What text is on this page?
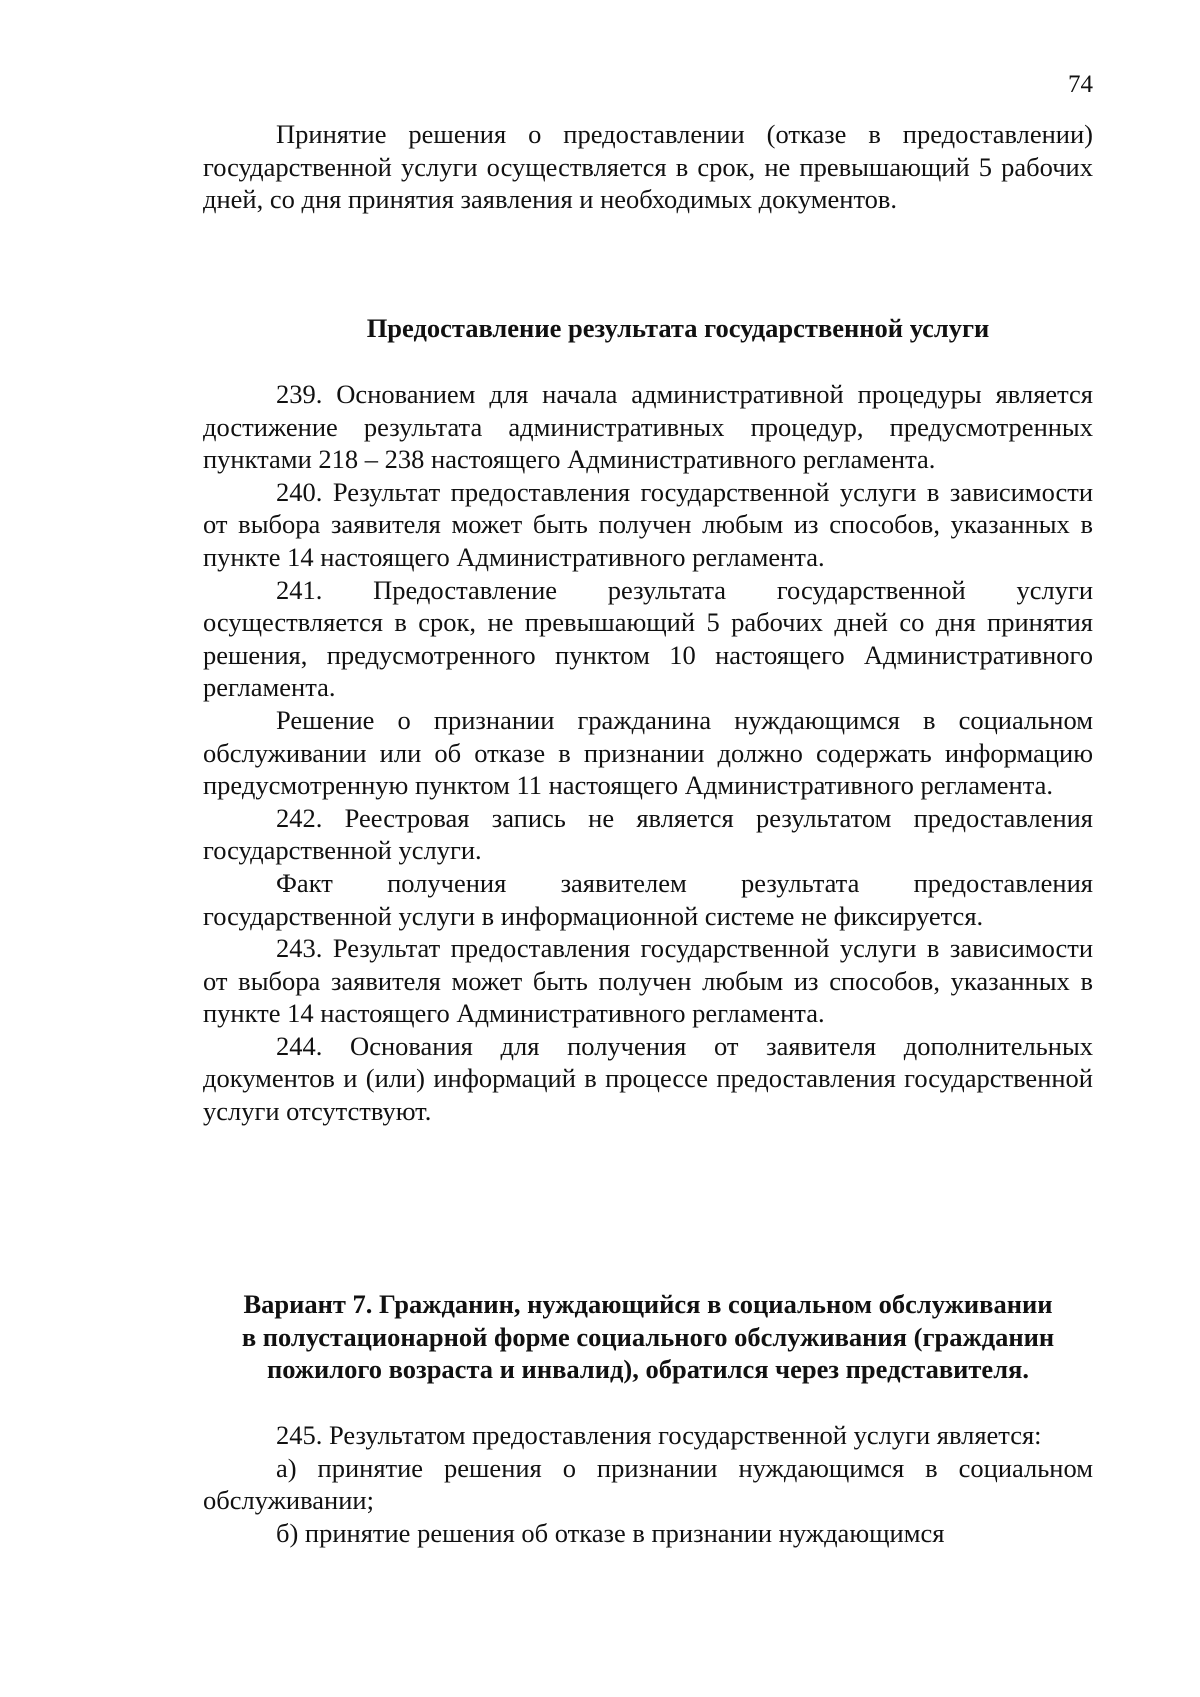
74

Принятие решения о предоставлении (отказе в предоставлении) государственной услуги осуществляется в срок, не превышающий 5 рабочих дней, со дня принятия заявления и необходимых документов.

Предоставление результата государственной услуги

239. Основанием для начала административной процедуры является достижение результата административных процедур, предусмотренных пунктами 218 – 238 настоящего Административного регламента.

240. Результат предоставления государственной услуги в зависимости от выбора заявителя может быть получен любым из способов, указанных в пункте 14 настоящего Административного регламента.

241. Предоставление результата государственной услуги осуществляется в срок, не превышающий 5 рабочих дней со дня принятия решения, предусмотренного пунктом 10 настоящего Административного регламента.

Решение о признании гражданина нуждающимся в социальном обслуживании или об отказе в признании должно содержать информацию предусмотренную пунктом 11 настоящего Административного регламента.

242. Реестровая запись не является результатом предоставления государственной услуги.

Факт получения заявителем результата предоставления государственной услуги в информационной системе не фиксируется.

243. Результат предоставления государственной услуги в зависимости от выбора заявителя может быть получен любым из способов, указанных в пункте 14 настоящего Административного регламента.

244. Основания для получения от заявителя дополнительных документов и (или) информаций в процессе предоставления государственной услуги отсутствуют.

Вариант 7. Гражданин, нуждающийся в социальном обслуживании
в полустационарной форме социального обслуживания (гражданин
пожилого возраста и инвалид), обратился через представителя.

245. Результатом предоставления государственной услуги является:

а) принятие решения о признании нуждающимся в социальном обслуживании;

б) принятие решения об отказе в признании нуждающимся
